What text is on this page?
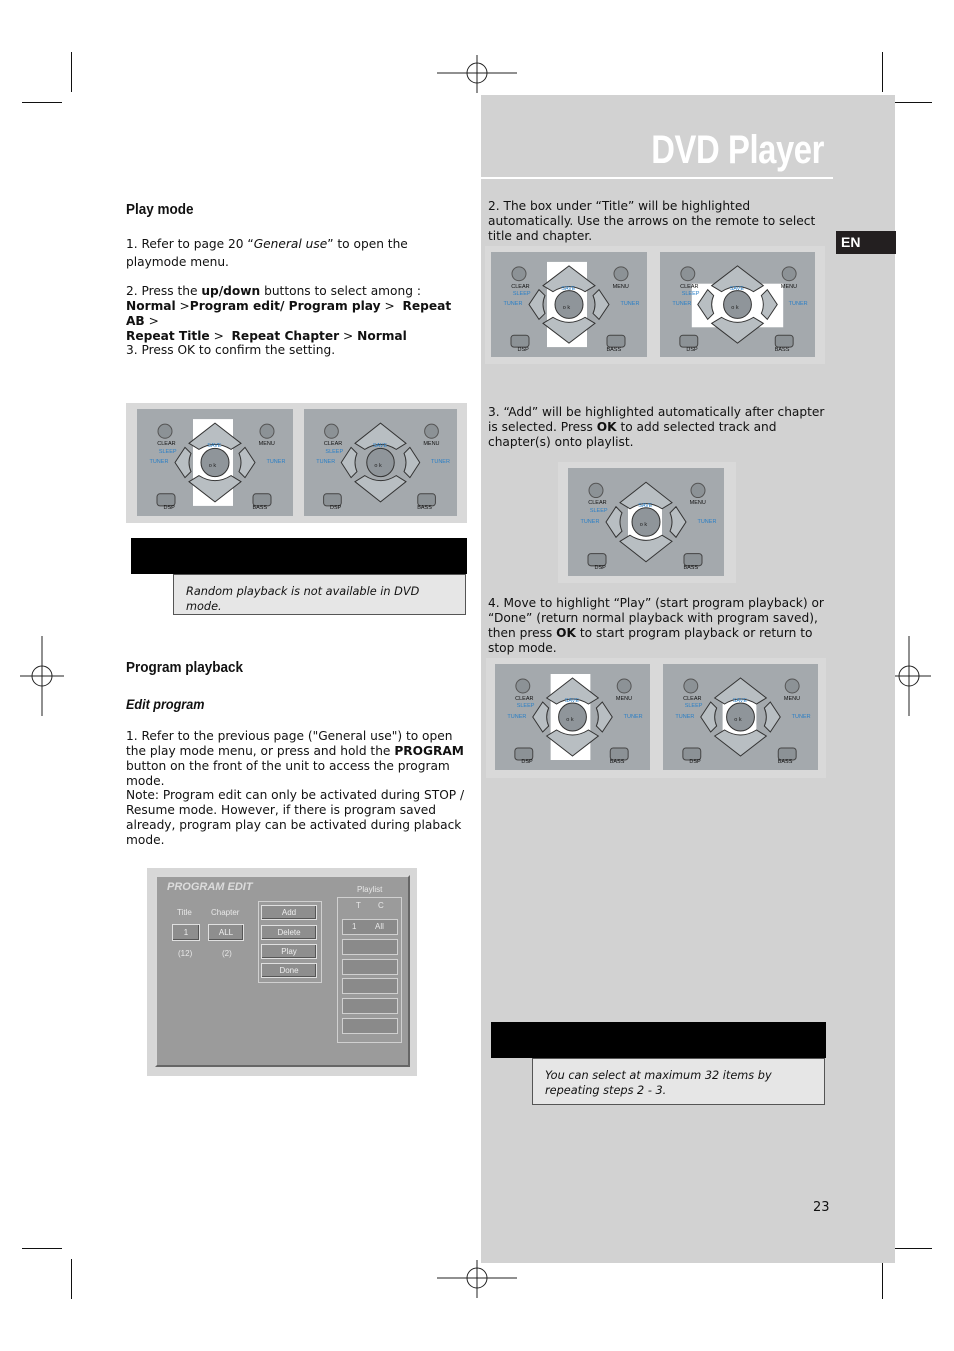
DVD Player
EN
Play mode
1. Refer to page 20 “General use” to open the playmode menu.
2. Press the up/down buttons to select among :
Normal >Program edit/ Program play >  Repeat AB >
Repeat Title >  Repeat Chapter > Normal
3. Press OK to confirm the setting.
CLEAR
SLEEP
SAVE	MENU
TUNER	TUNER
o k
DSP	BASS
CLEAR
SLEEP
SAVE	MENU
TUNER	TUNER
o k
DSP	BASS
Random playback is not available in DVD mode.
Program playback
Edit program
1. Refer to the previous page ("General use") to open the play mode menu, or press and hold the PROGRAM button on the front of the unit to access the program mode.
Note: Program edit can only be activated during STOP / Resume mode. However, if there is program saved already, program play can be activated during plaback mode.
PROGRAM EDIT	Playlist
Title Chapter
1	ALL
(12)	(2)
Add
Delete
Play
Done
T C
1 All
2. The box under “Title” will be highlighted automatically. Use the arrows on the remote to select title and chapter.
CLEAR
SLEEP
SAVE	MENU
TUNER	TUNER
o k
DSP	BASS
CLEAR
SLEEP
SAVE	MENU
TUNER	TUNER
o k
DSP	BASS
3. “Add” will be highlighted automatically after chapter is selected. Press OK to add selected track and chapter(s) onto playlist.
CLEAR
SLEEP
SAVE	MENU
TUNER	TUNER
o k
DSP	BASS
4. Move to highlight “Play” (start program playback) or “Done” (return normal playback with program saved), then press OK to start program playback or return to stop mode.
CLEAR
SLEEP
SAVE	MENU
TUNER	TUNER
o k
DSP	BASS
CLEAR
SLEEP
SAVE	MENU
TUNER	TUNER
o k
DSP	BASS
You can select at maximum 32 items by repeating steps 2 - 3.
23
